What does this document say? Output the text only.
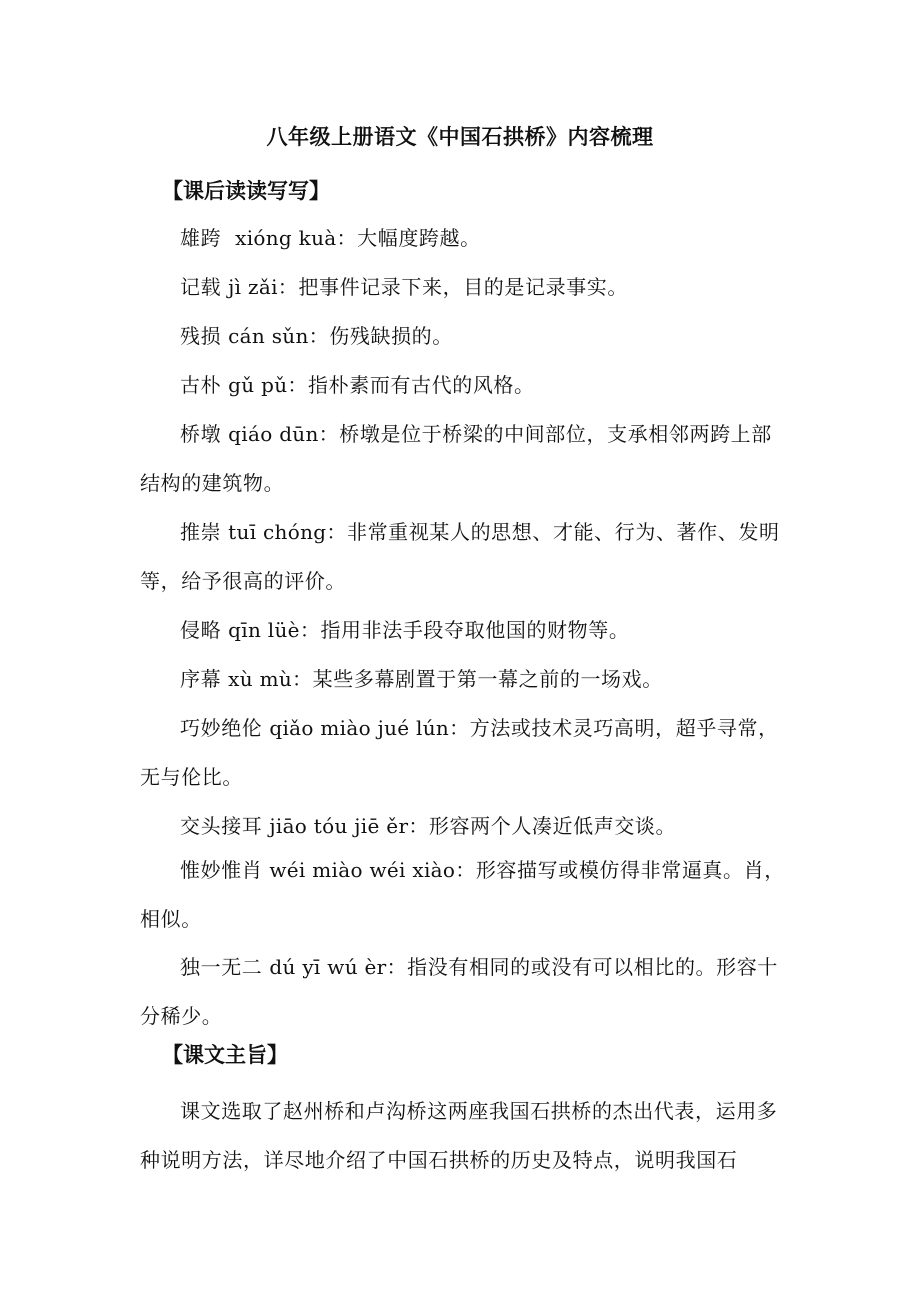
八年级上册语文《中国石拱桥》内容梳理
【课后读读写写】

雄跨 xióng kuà：大幅度跨越。

记载 jì zǎi：把事件记录下来，目的是记录事实。

残损 cán sǔn：伤残缺损的。

古朴 gǔ pǔ：指朴素而有古代的风格。

桥墩 qiáo dūn：桥墩是位于桥梁的中间部位，支承相邻两跨上部结构的建筑物。

推崇 tuī chóng：非常重视某人的思想、才能、行为、著作、发明等，给予很高的评价。

侵略 qīn lüè：指用非法手段夺取他国的财物等。

序幕 xù mù：某些多幕剧置于第一幕之前的一场戏。

巧妙绝伦 qiǎo miào jué lún：方法或技术灵巧高明，超乎寻常，无与伦比。

交头接耳 jiāo tóu jiē ěr：形容两个人凑近低声交谈。

惟妙惟肖 wéi miào wéi xiào：形容描写或模仿得非常逼真。肖，相似。

独一无二 dú yī wú èr：指没有相同的或没有可以相比的。形容十分稀少。

【课文主旨】

课文选取了赵州桥和卢沟桥这两座我国石拱桥的杰出代表，运用多种说明方法，详尽地介绍了中国石拱桥的历史及特点，说明我国石
